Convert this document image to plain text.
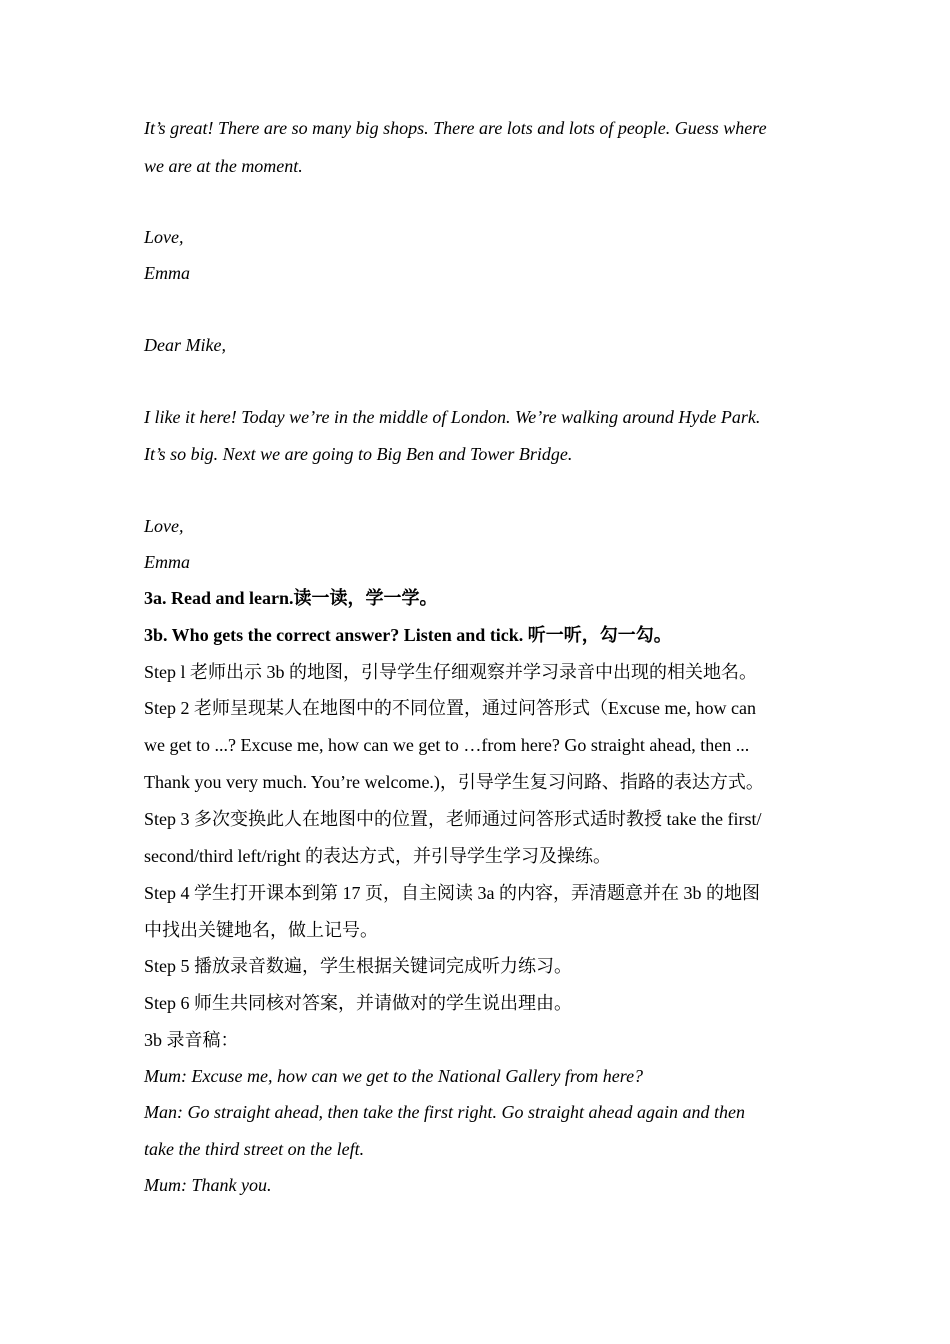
It’s great! There are so many big shops. There are lots and lots of people. Guess where
we are at the moment.
Love,
Emma
Dear Mike,
I like it here! Today we’re in the middle of London. We’re walking around Hyde Park.
It’s so big. Next we are going to Big Ben and Tower Bridge.
Love,
Emma
3a. Read and learn.读一读，学一学。
3b. Who gets the correct answer? Listen and tick. 听一听，勾一勾。
Step l 老师出示 3b 的地图，引导学生仔细观察并学习录音中出现的相关地名。
Step 2 老师呈现某人在地图中的不同位置，通过问答形式（Excuse me, how can
we get to ...? Excuse me, how can we get to …from here? Go straight ahead, then ...
Thank you very much. You’re welcome.)，引导学生复习问路、指路的表达方式。
Step 3 多次变换此人在地图中的位置，老师通过问答形式适时教授 take the first/
second/third left/right 的表达方式，并引导学生学习及操练。
Step 4 学生打开课本到第 17 页，自主阅读 3a 的内容，弄清题意并在 3b 的地图
中找出关键地名，做上记号。
Step 5 播放录音数遍，学生根据关键词完成听力练习。
Step 6 师生共同核对答案，并请做对的学生说出理由。
3b 录音稿：
Mum: Excuse me, how can we get to the National Gallery from here?
Man: Go straight ahead, then take the first right. Go straight ahead again and then
take the third street on the left.
Mum: Thank you.
